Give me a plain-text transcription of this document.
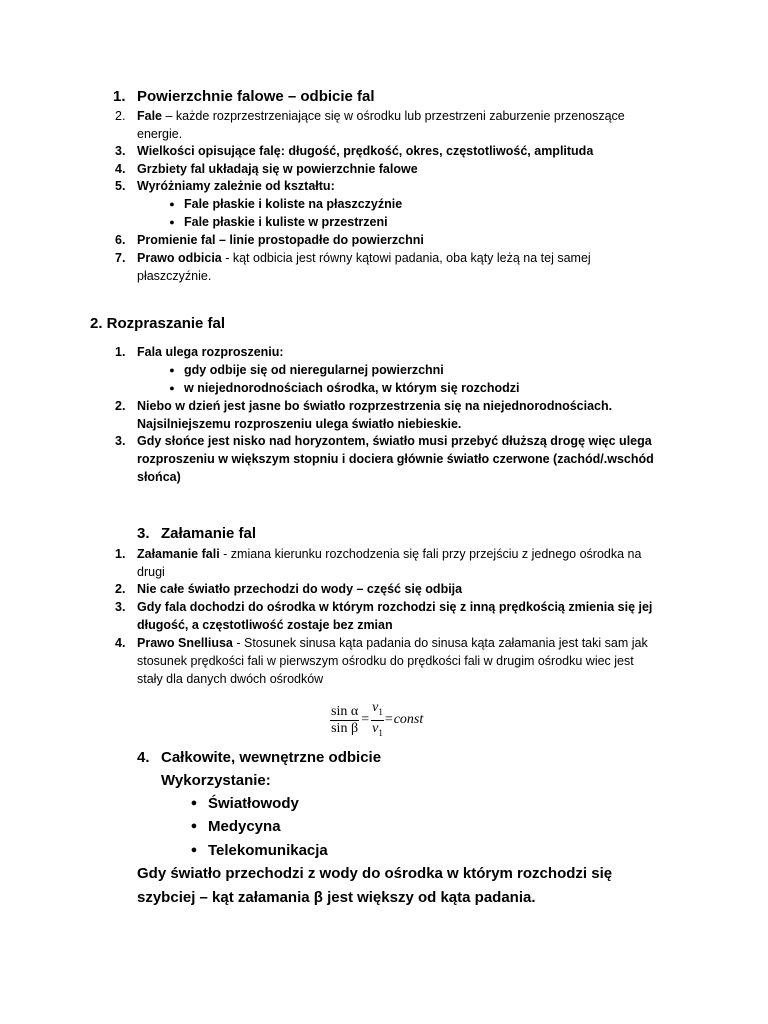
1. Powierzchnie falowe – odbicie fal
2. Fale – każde rozprzestrzeniające się w ośrodku lub przestrzeni zaburzenie przenoszące
energie.
3. Wielkości opisujące falę: długość, prędkość, okres, częstotliwość, amplituda
4. Grzbiety fal układają się w powierzchnie falowe
5. Wyróżniamy zależnie od kształtu:
● Fale płaskie i koliste na płaszczyźnie
● Fale płaskie i kuliste w przestrzeni
6. Promienie fal – linie prostopadłe do powierzchni
7. Prawo odbicia - kąt odbicia jest równy kątowi padania, oba kąty leżą na tej samej
płaszczyźnie.
2. Rozpraszanie fal
1. Fala ulega rozproszeniu:
● gdy odbije się od nieregularnej powierzchni
● w niejednorodnościach ośrodka, w którym się rozchodzi
2. Niebo w dzień jest jasne bo światło rozprzestrzenia się na niejednorodnościach.
Najsilniejszemu rozproszeniu ulega światło niebieskie.
3. Gdy słońce jest nisko nad horyzontem, światło musi przebyć dłuższą drogę więc ulega
rozproszeniu w większym stopniu i dociera głównie światło czerwone (zachód/.wschód
słońca)
3. Załamanie fal
1. Załamanie fali - zmiana kierunku rozchodzenia się fali przy przejściu z jednego ośrodka na
drugi
2. Nie całe światło przechodzi do wody – część się odbija
3. Gdy fala dochodzi do ośrodka w którym rozchodzi się z inną prędkością zmienia się jej
długość, a częstotliwość zostaje bez zmian
4. Prawo Snelliusa - Stosunek sinusa kąta padania do sinusa kąta załamania jest taki sam jak
stosunek prędkości fali w pierwszym ośrodku do prędkości fali w drugim ośrodku wiec jest
stały dla danych dwóch ośrodków
$\frac{\text{sin α}}{\text{sin β}} = \frac{v_1}{v_1}$ = const
4. Całkowite, wewnętrzne odbicie
Wykorzystanie:
● Światłowody
● Medycyna
● Telekomunikacja
Gdy światło przechodzi z wody do ośrodka w którym rozchodzi się
szybciej – kąt załamania β jest większy od kąta padania.
